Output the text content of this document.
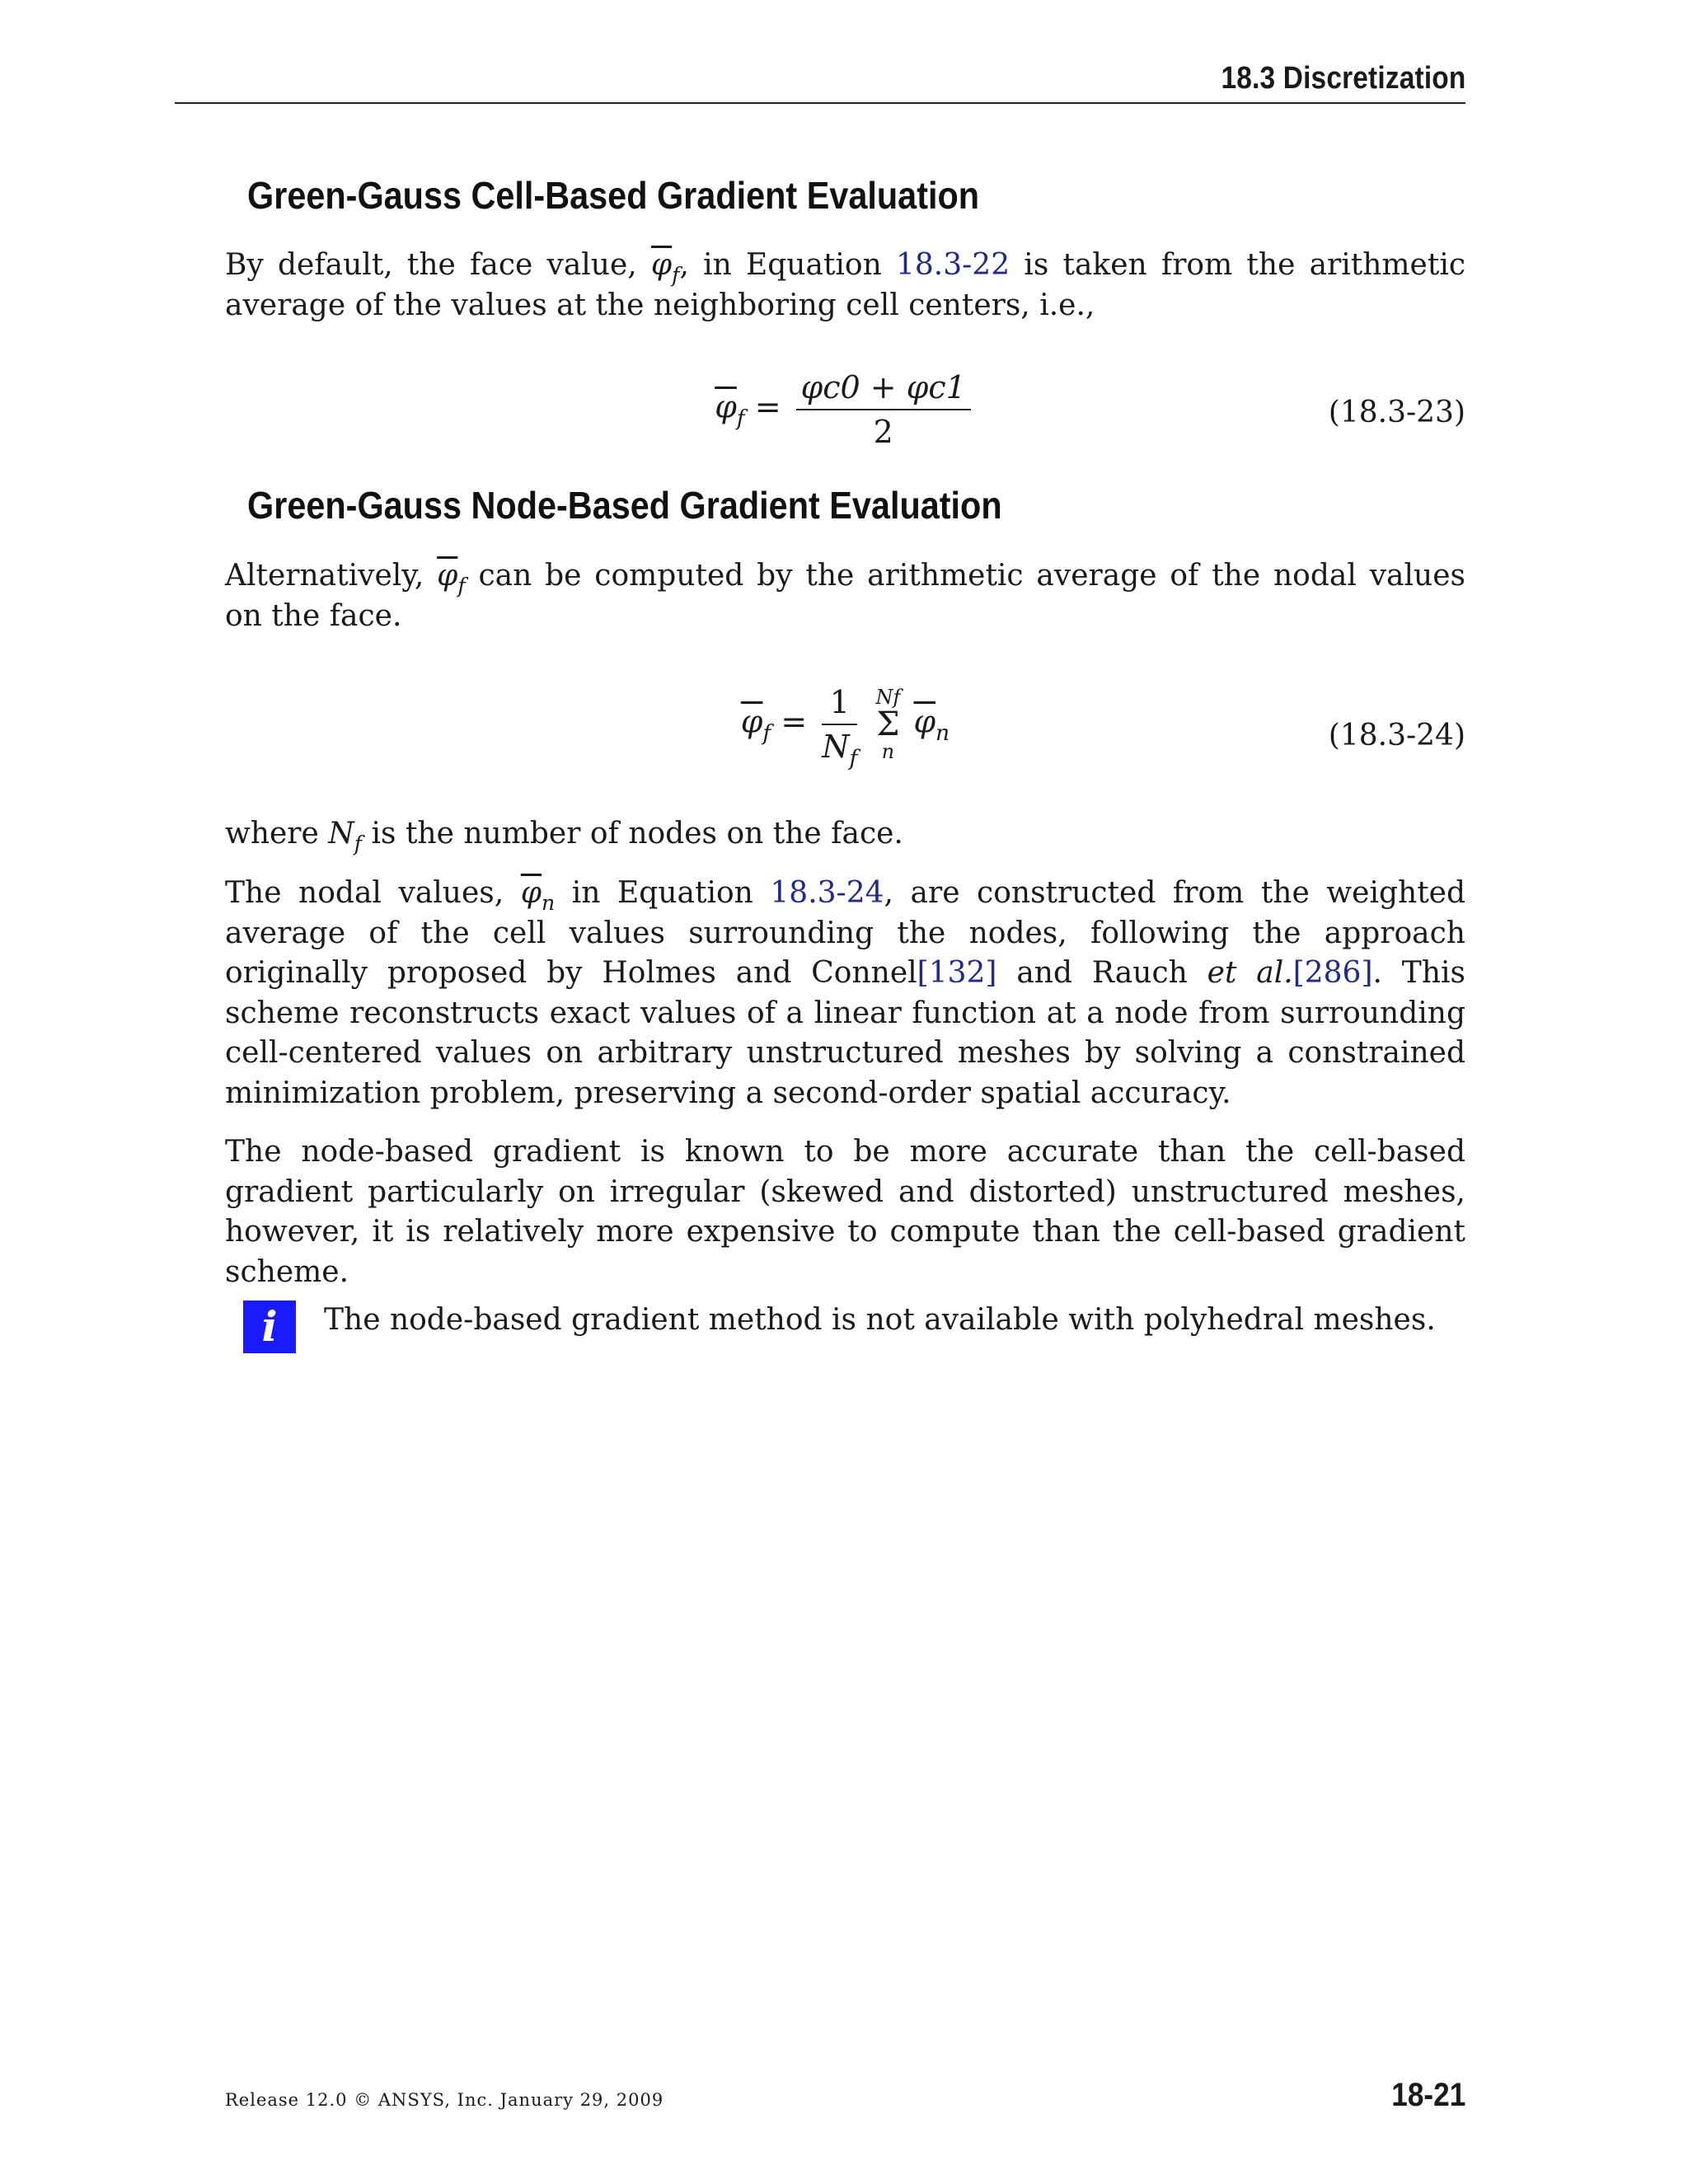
18.3 Discretization
Green-Gauss Cell-Based Gradient Evaluation

By default, the face value, $\overline{\varphi}_f$, in Equation 18.3-22 is taken from the arithmetic average of the values at the neighboring cell centers, i.e.,

$\overline{\varphi}_f = \frac{\varphi c0 + \varphi c1}{2}$	(18.3-23)
Green-Gauss Node-Based Gradient Evaluation

Alternatively, $\overline{\varphi}_f$ can be computed by the arithmetic average of the nodal values on the face.

$\overline{\varphi}_f = \frac{1}{N_f}$
Nf
Σ
n
$\overline{\varphi}_n$	(18.3-24)

where $N_f$ is the number of nodes on the face.

The nodal values, $\overline{\varphi}_n$ in Equation 18.3-24, are constructed from the weighted average of the cell values surrounding the nodes, following the approach originally proposed by Holmes and Connel[132] and Rauch et al.[286]. This scheme reconstructs exact values of a linear function at a node from surrounding cell-centered values on arbitrary unstructured meshes by solving a constrained minimization problem, preserving a second-order spatial accuracy.

The node-based gradient is known to be more accurate than the cell-based gradient particularly on irregular (skewed and distorted) unstructured meshes, however, it is relatively more expensive to compute than the cell-based gradient scheme.

i	The node-based gradient method is not available with polyhedral meshes.
Release 12.0 © ANSYS, Inc. January 29, 2009	18-21
